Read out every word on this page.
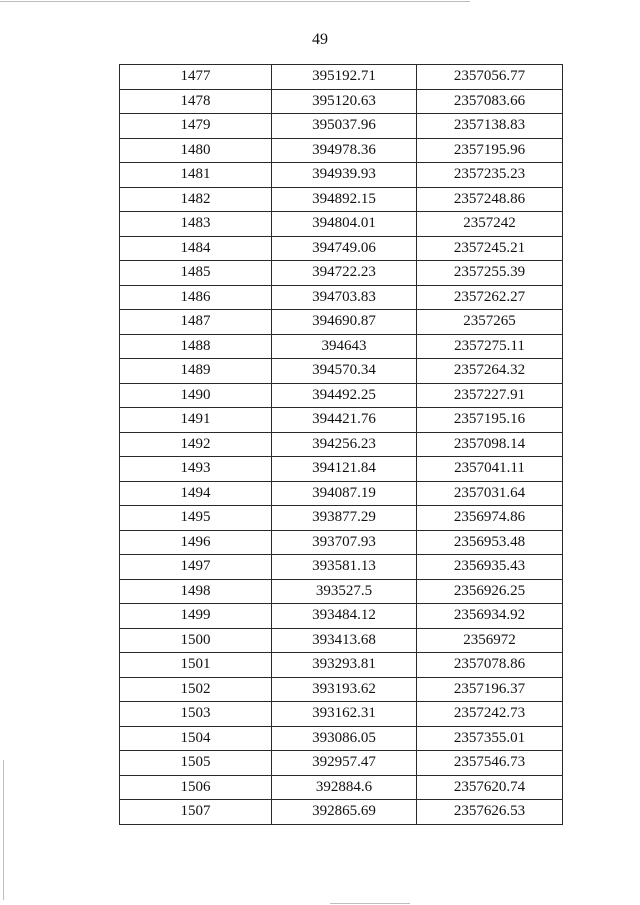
49
1477	395192.71	2357056.77
1478	395120.63	2357083.66
1479	395037.96	2357138.83
1480	394978.36	2357195.96
1481	394939.93	2357235.23
1482	394892.15	2357248.86
1483	394804.01	2357242
1484	394749.06	2357245.21
1485	394722.23	2357255.39
1486	394703.83	2357262.27
1487	394690.87	2357265
1488	394643	2357275.11
1489	394570.34	2357264.32
1490	394492.25	2357227.91
1491	394421.76	2357195.16
1492	394256.23	2357098.14
1493	394121.84	2357041.11
1494	394087.19	2357031.64
1495	393877.29	2356974.86
1496	393707.93	2356953.48
1497	393581.13	2356935.43
1498	393527.5	2356926.25
1499	393484.12	2356934.92
1500	393413.68	2356972
1501	393293.81	2357078.86
1502	393193.62	2357196.37
1503	393162.31	2357242.73
1504	393086.05	2357355.01
1505	392957.47	2357546.73
1506	392884.6	2357620.74
1507	392865.69	2357626.53
